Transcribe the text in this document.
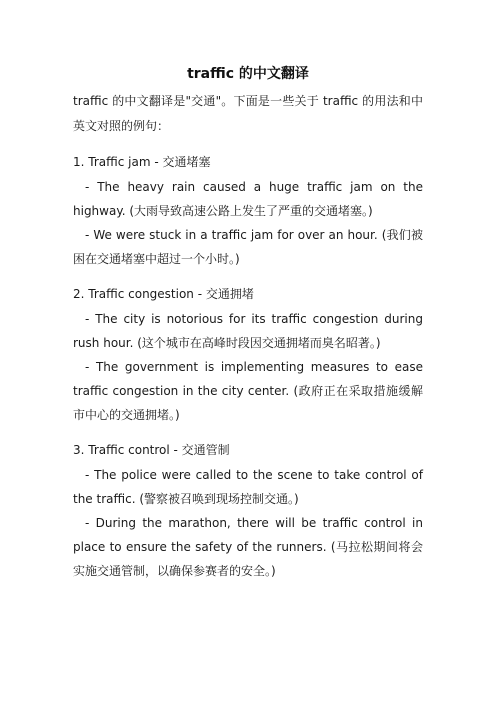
traffic 的中文翻译

traffic 的中文翻译是"交通"。下面是一些关于 traffic 的用法和中英文对照的例句：

1. Traffic jam - 交通堵塞

- The heavy rain caused a huge traffic jam on the highway. (大雨导致高速公路上发生了严重的交通堵塞。)

- We were stuck in a traffic jam for over an hour. (我们被困在交通堵塞中超过一个小时。)

2. Traffic congestion - 交通拥堵

- The city is notorious for its traffic congestion during rush hour. (这个城市在高峰时段因交通拥堵而臭名昭著。)

- The government is implementing measures to ease traffic congestion in the city center. (政府正在采取措施缓解市中心的交通拥堵。)

3. Traffic control - 交通管制

- The police were called to the scene to take control of the traffic. (警察被召唤到现场控制交通。)

- During the marathon, there will be traffic control in place to ensure the safety of the runners. (马拉松期间将会实施交通管制，以确保参赛者的安全。)
